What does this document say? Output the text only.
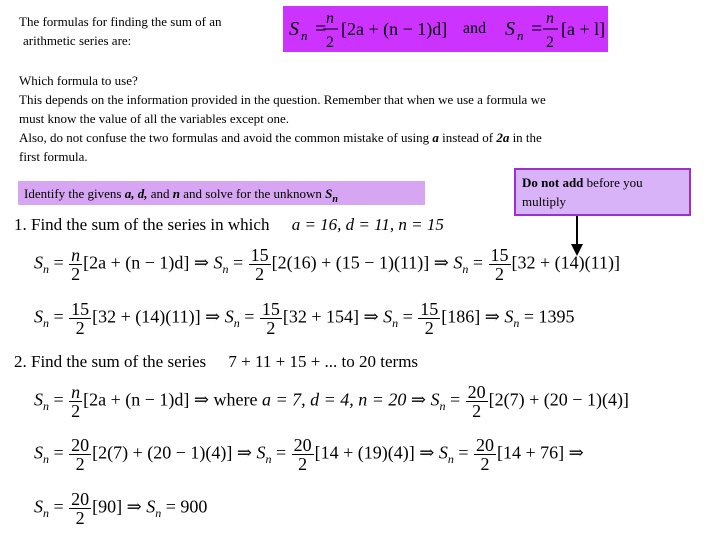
The formulas for finding the sum of an
arithmetic series are:
S n = n
2
[2a + (n − 1)d] and S n = n
2
[a + l]
Which formula to use?
This depends on the information provided in the question. Remember that when we use a formula we
must know the value of all the variables except one.
Also, do not confuse the two formulas and avoid the common mistake of using a instead of 2a in the
first formula.
Identify the givens a, d, and n and solve for the unknown $S_n$
Do not add before you
multiply
1. Find the sum of the series in which a = 16, d = 11, n = 15
$S_n = \frac{n}{2} [2a + (n - 1)d]$ ⇒ $S_n = \frac{15}{2} [2(16) + (15 - 1)(11)]$ ⇒ $S_n = \frac{15}{2} [32 + (14)(11)]$
$S_n = \frac{15}{2} [32 + (14)(11)]$ ⇒ $S_n = \frac{15}{2} [32 + 154]$ ⇒ $S_n = \frac{15}{2} [186]$ ⇒ $S_n = 1395$
2. Find the sum of the series 7 + 11 + 15 + ... to 20 terms
$S_n = \frac{n}{2} [2a + (n - 1)d]$ ⇒ where a = 7, d = 4, n = 20 ⇒ $S_n = \frac{20}{2} [2(7) + (20 - 1)(4)]$
$S_n = \frac{20}{2} [2(7) + (20 - 1)(4)]$ ⇒ $S_n = \frac{20}{2} [14 + (19)(4)]$ ⇒ $S_n = \frac{20}{2} [14 + 76]$ ⇒
$S_n = \frac{20}{2} [90]$ ⇒ $S_n = 900$
